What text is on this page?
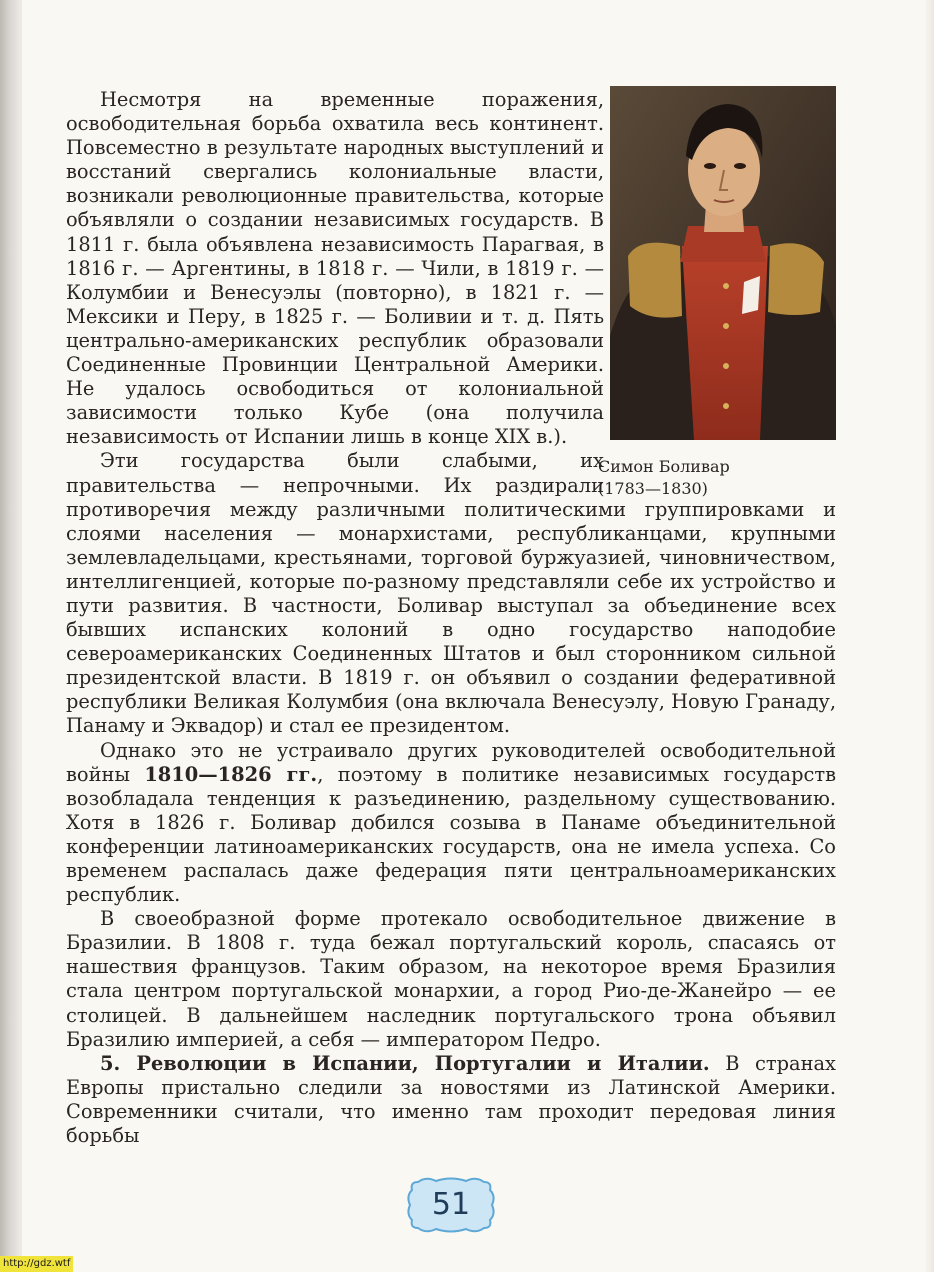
Симон Боливар
(1783—1830)

Несмотря на временные поражения, освободительная борьба охватила весь континент. Повсеместно в результате народных выступлений и восстаний свергались колониальные власти, возникали революционные правительства, которые объявляли о создании независимых государств. В 1811 г. была объявлена независимость Парагвая, в 1816 г. — Аргентины, в 1818 г. — Чили, в 1819 г. — Колумбии и Венесуэлы (повторно), в 1821 г. — Мексики и Перу, в 1825 г. — Боливии и т. д. Пять центрально-американских республик образовали Соединенные Провинции Центральной Америки. Не удалось освободиться от колониальной зависимости только Кубе (она получила независимость от Испании лишь в конце XIX в.).

Эти государства были слабыми, их правительства — непрочными. Их раздирали противоречия между различными политическими группировками и слоями населения — монархистами, республиканцами, крупными землевладельцами, крестьянами, торговой буржуазией, чиновничеством, интеллигенцией, которые по-разному представляли себе их устройство и пути развития. В частности, Боливар выступал за объединение всех бывших испанских колоний в одно государство наподобие североамериканских Соединенных Штатов и был сторонником сильной президентской власти. В 1819 г. он объявил о создании федеративной республики Великая Колумбия (она включала Венесуэлу, Новую Гранаду, Панаму и Эквадор) и стал ее президентом.

Однако это не устраивало других руководителей освободительной войны 1810—1826 гг., поэтому в политике независимых государств возобладала тенденция к разъединению, раздельному существованию. Хотя в 1826 г. Боливар добился созыва в Панаме объединительной конференции латиноамериканских государств, она не имела успеха. Со временем распалась даже федерация пяти центральноамериканских республик.

В своеобразной форме протекало освободительное движение в Бразилии. В 1808 г. туда бежал португальский король, спасаясь от нашествия французов. Таким образом, на некоторое время Бразилия стала центром португальской монархии, а город Рио-де-Жанейро — ее столицей. В дальнейшем наследник португальского трона объявил Бразилию империей, а себя — императором Педро.

5. Революции в Испании, Португалии и Италии. В странах Европы пристально следили за новостями из Латинской Америки. Современники считали, что именно там проходит передовая линия борьбы

51
http://gdz.wtf
